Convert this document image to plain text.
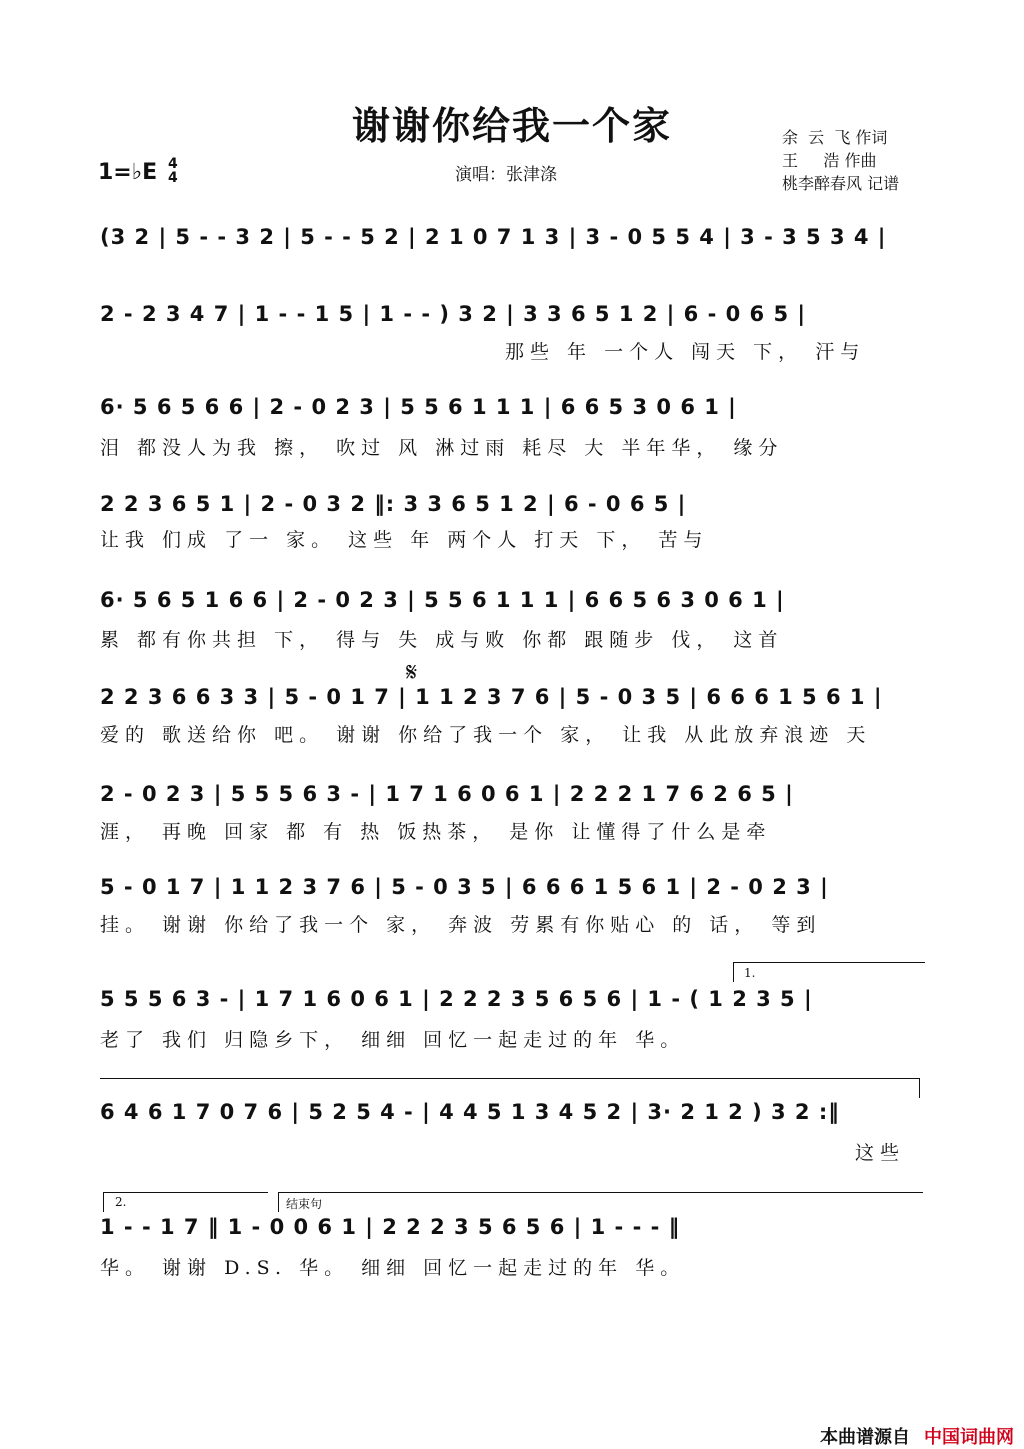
谢谢你给我一个家
1=♭E 4
4	演唱：张津涤
余  云  飞 作词
王     浩 作曲
桃李醉春风 记谱
(3 2 | 5 - - 3 2 | 5 - - 5 2 | 2 1 0 7 1 3 | 3 - 0 5 5 4 | 3 - 3 5 3 4 |
2 - 2 3 4 7 | 1 - - 1 5 | 1 - - ) 3 2 | 3 3 6 5 1 2 | 6 - 0 6 5 |
那些 年 一个人 闯天 下， 汗与
6· 5 6 5 6 6 | 2 - 0 2 3 | 5 5 6 1 1 1 | 6 6 5 3 0 6 1 |
泪 都没人为我 擦， 吹过 风 淋过雨 耗尽 大 半年华， 缘分
2 2 3 6 5 1 | 2 - 0 3 2 ‖: 3 3 6 5 1 2 | 6 - 0 6 5 |
让我 们成 了一 家。 这些 年 两个人 打天 下， 苦与
6· 5 6 5 1 6 6 | 2 - 0 2 3 | 5 5 6 1 1 1 | 6 6 5 6 3 0 6 1 |
累 都有你共担 下， 得与 失 成与败 你都 跟随步 伐， 这首
𝄋
2 2 3 6 6 3 3 | 5 - 0 1 7 | 1 1 2 3 7 6 | 5 - 0 3 5 | 6 6 6 1 5 6 1 |
爱的 歌送给你 吧。 谢谢 你给了我一个 家， 让我 从此放弃浪迹 天
2 - 0 2 3 | 5 5 5 6 3 - | 1 7 1 6 0 6 1 | 2 2 2 1 7 6 2 6 5 |
涯， 再晚 回家 都 有 热 饭热茶， 是你 让懂得了什么是牵
5 - 0 1 7 | 1 1 2 3 7 6 | 5 - 0 3 5 | 6 6 6 1 5 6 1 | 2 - 0 2 3 |
挂。 谢谢 你给了我一个 家， 奔波 劳累有你贴心 的 话， 等到
1.
5 5 5 6 3 - | 1 7 1 6 0 6 1 | 2 2 2 3 5 6 5 6 | 1 - ( 1 2 3 5 |
老了 我们 归隐乡下， 细细 回忆一起走过的年 华。
6 4 6 1 7 0 7 6 | 5 2 5 4 - | 4 4 5 1 3 4 5 2 | 3· 2 1 2 ) 3 2 :‖
这些
2.	结束句
1 - - 1 7 ‖ 1 - 0 0 6 1 | 2 2 2 3 5 6 5 6 | 1 - - - ‖
华。 谢谢 D.S. 华。 细细 回忆一起走过的年 华。
本曲谱源自 中国词曲网
